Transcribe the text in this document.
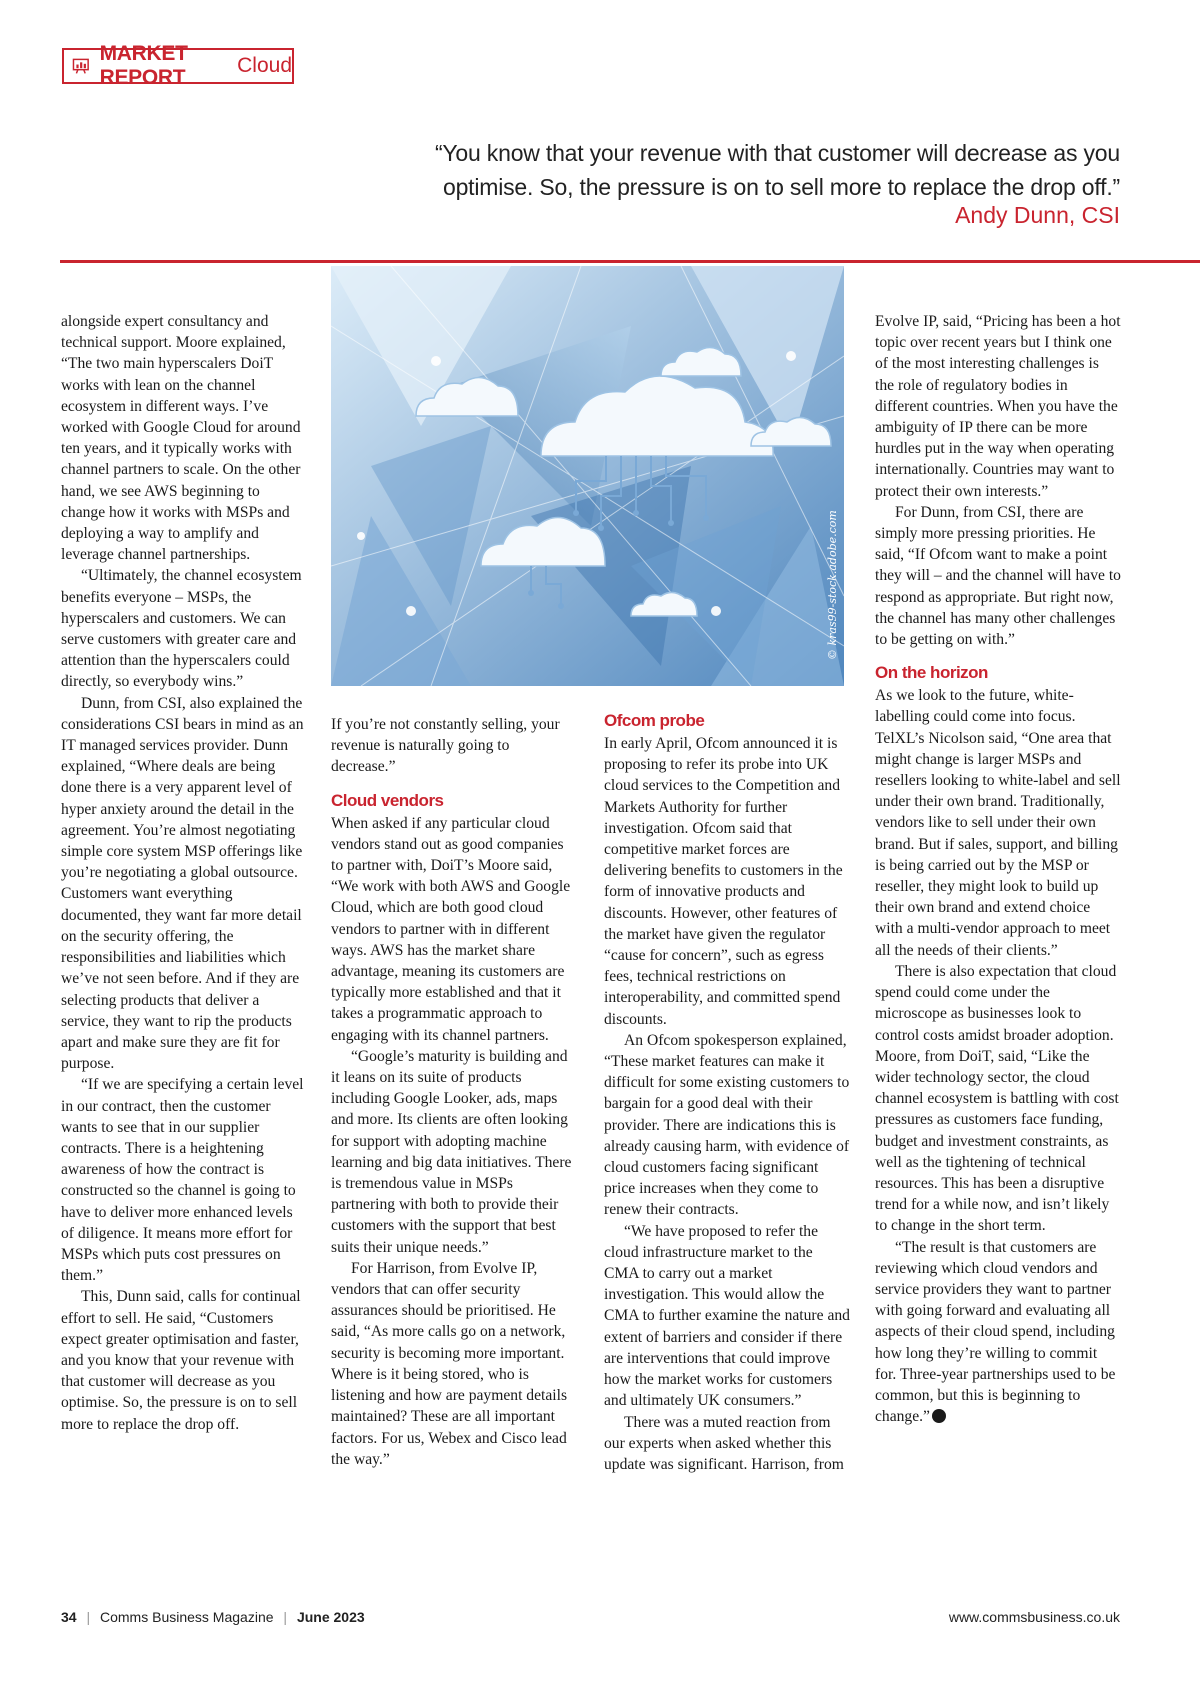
MARKET REPORT
Cloud
“You know that your revenue with that customer will decrease as you optimise. So, the pressure is on to sell more to replace the drop off.”
Andy Dunn, CSI
© kras99-stock.adobe.com

alongside expert consultancy and technical support. Moore explained, “The two main hyperscalers DoiT works with lean on the channel ecosystem in different ways. I’ve worked with Google Cloud for around ten years, and it typically works with channel partners to scale. On the other hand, we see AWS beginning to change how it works with MSPs and deploying a way to amplify and leverage channel partnerships.

“Ultimately, the channel ecosystem benefits everyone – MSPs, the hyperscalers and customers. We can serve customers with greater care and attention than the hyperscalers could directly, so everybody wins.”

Dunn, from CSI, also explained the considerations CSI bears in mind as an IT managed services provider. Dunn explained, “Where deals are being done there is a very apparent level of hyper anxiety around the detail in the agreement. You’re almost negotiating simple core system MSP offerings like you’re negotiating a global outsource. Customers want everything documented, they want far more detail on the security offering, the responsibilities and liabilities which we’ve not seen before. And if they are selecting products that deliver a service, they want to rip the products apart and make sure they are fit for purpose.

“If we are specifying a certain level in our contract, then the customer wants to see that in our supplier contracts. There is a heightening awareness of how the contract is constructed so the channel is going to have to deliver more enhanced levels of diligence. It means more effort for MSPs which puts cost pressures on them.”

This, Dunn said, calls for continual effort to sell. He said, “Customers expect greater optimisation and faster, and you know that your revenue with that customer will decrease as you optimise. So, the pressure is on to sell more to replace the drop off.

If you’re not constantly selling, your revenue is naturally going to decrease.”

Cloud vendors

When asked if any particular cloud vendors stand out as good companies to partner with, DoiT’s Moore said, “We work with both AWS and Google Cloud, which are both good cloud vendors to partner with in different ways. AWS has the market share advantage, meaning its customers are typically more established and that it takes a programmatic approach to engaging with its channel partners.

“Google’s maturity is building and it leans on its suite of products including Google Looker, ads, maps and more. Its clients are often looking for support with adopting machine learning and big data initiatives. There is tremendous value in MSPs partnering with both to provide their customers with the support that best suits their unique needs.”

For Harrison, from Evolve IP, vendors that can offer security assurances should be prioritised. He said, “As more calls go on a network, security is becoming more important. Where is it being stored, who is listening and how are payment details maintained? These are all important factors. For us, Webex and Cisco lead the way.”

Ofcom probe

In early April, Ofcom announced it is proposing to refer its probe into UK cloud services to the Competition and Markets Authority for further investigation. Ofcom said that competitive market forces are delivering benefits to customers in the form of innovative products and discounts. However, other features of the market have given the regulator “cause for concern”, such as egress fees, technical restrictions on interoperability, and committed spend discounts.

An Ofcom spokesperson explained, “These market features can make it difficult for some existing customers to bargain for a good deal with their provider. There are indications this is already causing harm, with evidence of cloud customers facing significant price increases when they come to renew their contracts.

“We have proposed to refer the cloud infrastructure market to the CMA to carry out a market investigation. This would allow the CMA to further examine the nature and extent of barriers and consider if there are interventions that could improve how the market works for customers and ultimately UK consumers.”

There was a muted reaction from our experts when asked whether this update was significant. Harrison, from

Evolve IP, said, “Pricing has been a hot topic over recent years but I think one of the most interesting challenges is the role of regulatory bodies in different countries. When you have the ambiguity of IP there can be more hurdles put in the way when operating internationally. Countries may want to protect their own interests.”

For Dunn, from CSI, there are simply more pressing priorities. He said, “If Ofcom want to make a point they will – and the channel will have to respond as appropriate. But right now, the channel has many other challenges to be getting on with.”

On the horizon

As we look to the future, white-labelling could come into focus. TelXL’s Nicolson said, “One area that might change is larger MSPs and resellers looking to white-label and sell under their own brand. Traditionally, vendors like to sell under their own brand. But if sales, support, and billing is being carried out by the MSP or reseller, they might look to build up their own brand and extend choice with a multi-vendor approach to meet all the needs of their clients.”

There is also expectation that cloud spend could come under the microscope as businesses look to control costs amidst broader adoption. Moore, from DoiT, said, “Like the wider technology sector, the cloud channel ecosystem is battling with cost pressures as customers face funding, budget and investment constraints, as well as the tightening of technical resources. This has been a disruptive trend for a while now, and isn’t likely to change in the short term.

“The result is that customers are reviewing which cloud vendors and service providers they want to partner with going forward and evaluating all aspects of their cloud spend, including how long they’re willing to commit for. Three-year partnerships used to be common, but this is beginning to change.”

34 | Comms Business Magazine | June 2023	www.commsbusiness.co.uk
